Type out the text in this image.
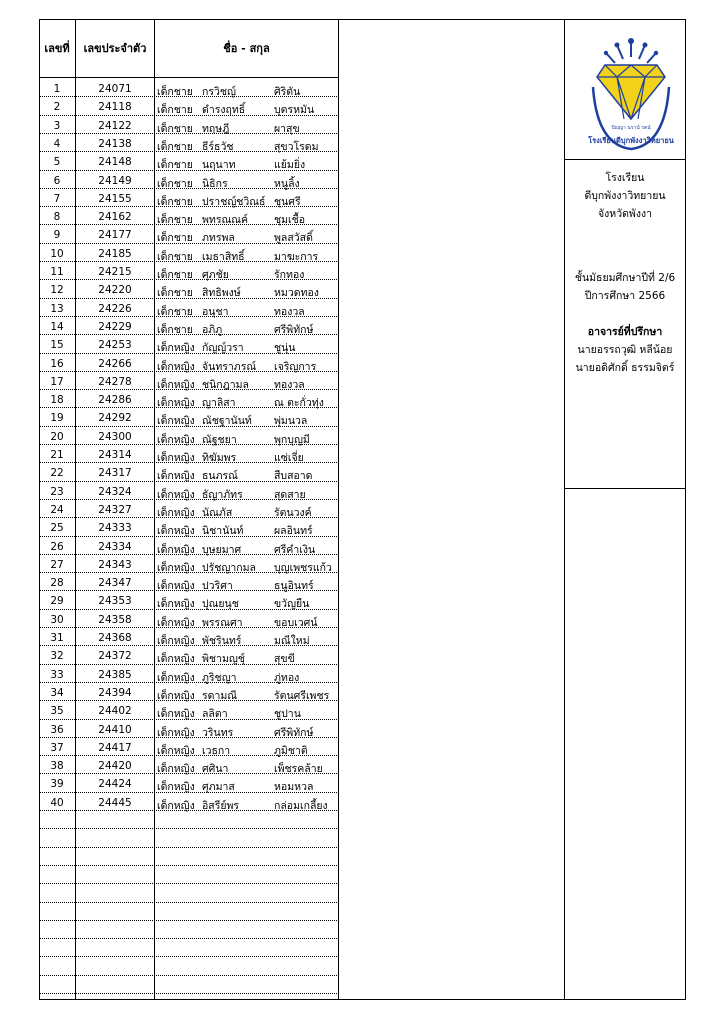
เลขที่	เลขประจำตัว	ชื่อ - สกุล
1	24071	เด็กชาย กรวิชญ์	ศิริตัน
2	24118	เด็กชาย ดำรงฤทธิ์	บุตรหมัน
3	24122	เด็กชาย ทฤษฎี	ผาสุข
4	24138	เด็กชาย ธีร์ธวัช	สุขวโรดม
5	24148	เด็กชาย นฤนาท	แย้มยิ่ง
6	24149	เด็กชาย นิธิกร	หนูลิ้ง
7	24155	เด็กชาย ปราชญ์ชวิณธ์ ชุนศรี
8	24162	เด็กชาย พทรณณค์ ชุมเชื้อ
9	24177	เด็กชาย ภทรพล	พูลสวัสดิ์
10	24185	เด็กชาย เมธาสิทธิ์	มาฆะการ
11	24215	เด็กชาย ศุภชัย	รักทอง
12	24220	เด็กชาย สิทธิพงษ์	หมวดทอง
13	24226	เด็กชาย อนุชา	ทองวล
14	24229	เด็กชาย อภิภู	ศรีพิทักษ์
15	24253	เด็กหญิง กัญญ์วรา	ชูนุ่น
16	24266	เด็กหญิง จันทราภรณ์ เจริญการ
17	24278	เด็กหญิง ชนิกฎามล ทองวล
18	24286	เด็กหญิง ญาลิสา	ณ ตะกั่วทุ่ง
19	24292	เด็กหญิง ณัชฐานันท์ พุ่มนวล
20	24300	เด็กหญิง ณัฐชยา	พุกบุญมี
21	24314	เด็กหญิง ทิฆัมพร	แซ่เจี่ย
22	24317	เด็กหญิง ธนภรณ์	สืบสอาด
23	24324	เด็กหญิง ธัญาภัทร	สุดสาย
24	24327	เด็กหญิง นัณภัส	รัตนวงค์
25	24333	เด็กหญิง นิชานันท์	ผลอินทร์
26	24334	เด็กหญิง บุษยมาศ	ศรีคำเงิน
27	24343	เด็กหญิง ปรัชญากมล บุญเพชรแก้ว
28	24347	เด็กหญิง ปวริศา	ธนูอินทร์
29	24353	เด็กหญิง ปุณยนุช	ขวัญยืน
30	24358	เด็กหญิง พรรณศา	ขอบเวศน์
31	24368	เด็กหญิง พัชรินทร์	มณีใหม่
32	24372	เด็กหญิง พิชามญชุ์	สุขขี
33	24385	เด็กหญิง ภูริชญา	ภู่ทอง
34	24394	เด็กหญิง รดามณี	รัตนศรีเพชร
35	24402	เด็กหญิง ลลิตา	ชูปาน
36	24410	เด็กหญิง วรินทร	ศรีพิทักษ์
37	24417	เด็กหญิง เวธกา	ภูมิชาติ
38	24420	เด็กหญิง ศศินา	เพ็ชรคล้าย
39	24424	เด็กหญิง ศุภมาส	หอมหวล
40	24445	เด็กหญิง อิสรีย์พร	กล่อมเกลี้ยง
ปัญฺญา นรานํ รตนํ
โรงเรียนดีบุกพังงาวิทยายน
โรงเรียน
ดีบุกพังงาวิทยายน
จังหวัดพังงา
ชั้นมัธยมศึกษาปีที่ 2/6
ปีการศึกษา 2566
อาจารย์ที่ปรึกษา
นายอรรถวุฒิ หลีน้อย
นายอดิศักดิ์ ธรรมจิตร์
